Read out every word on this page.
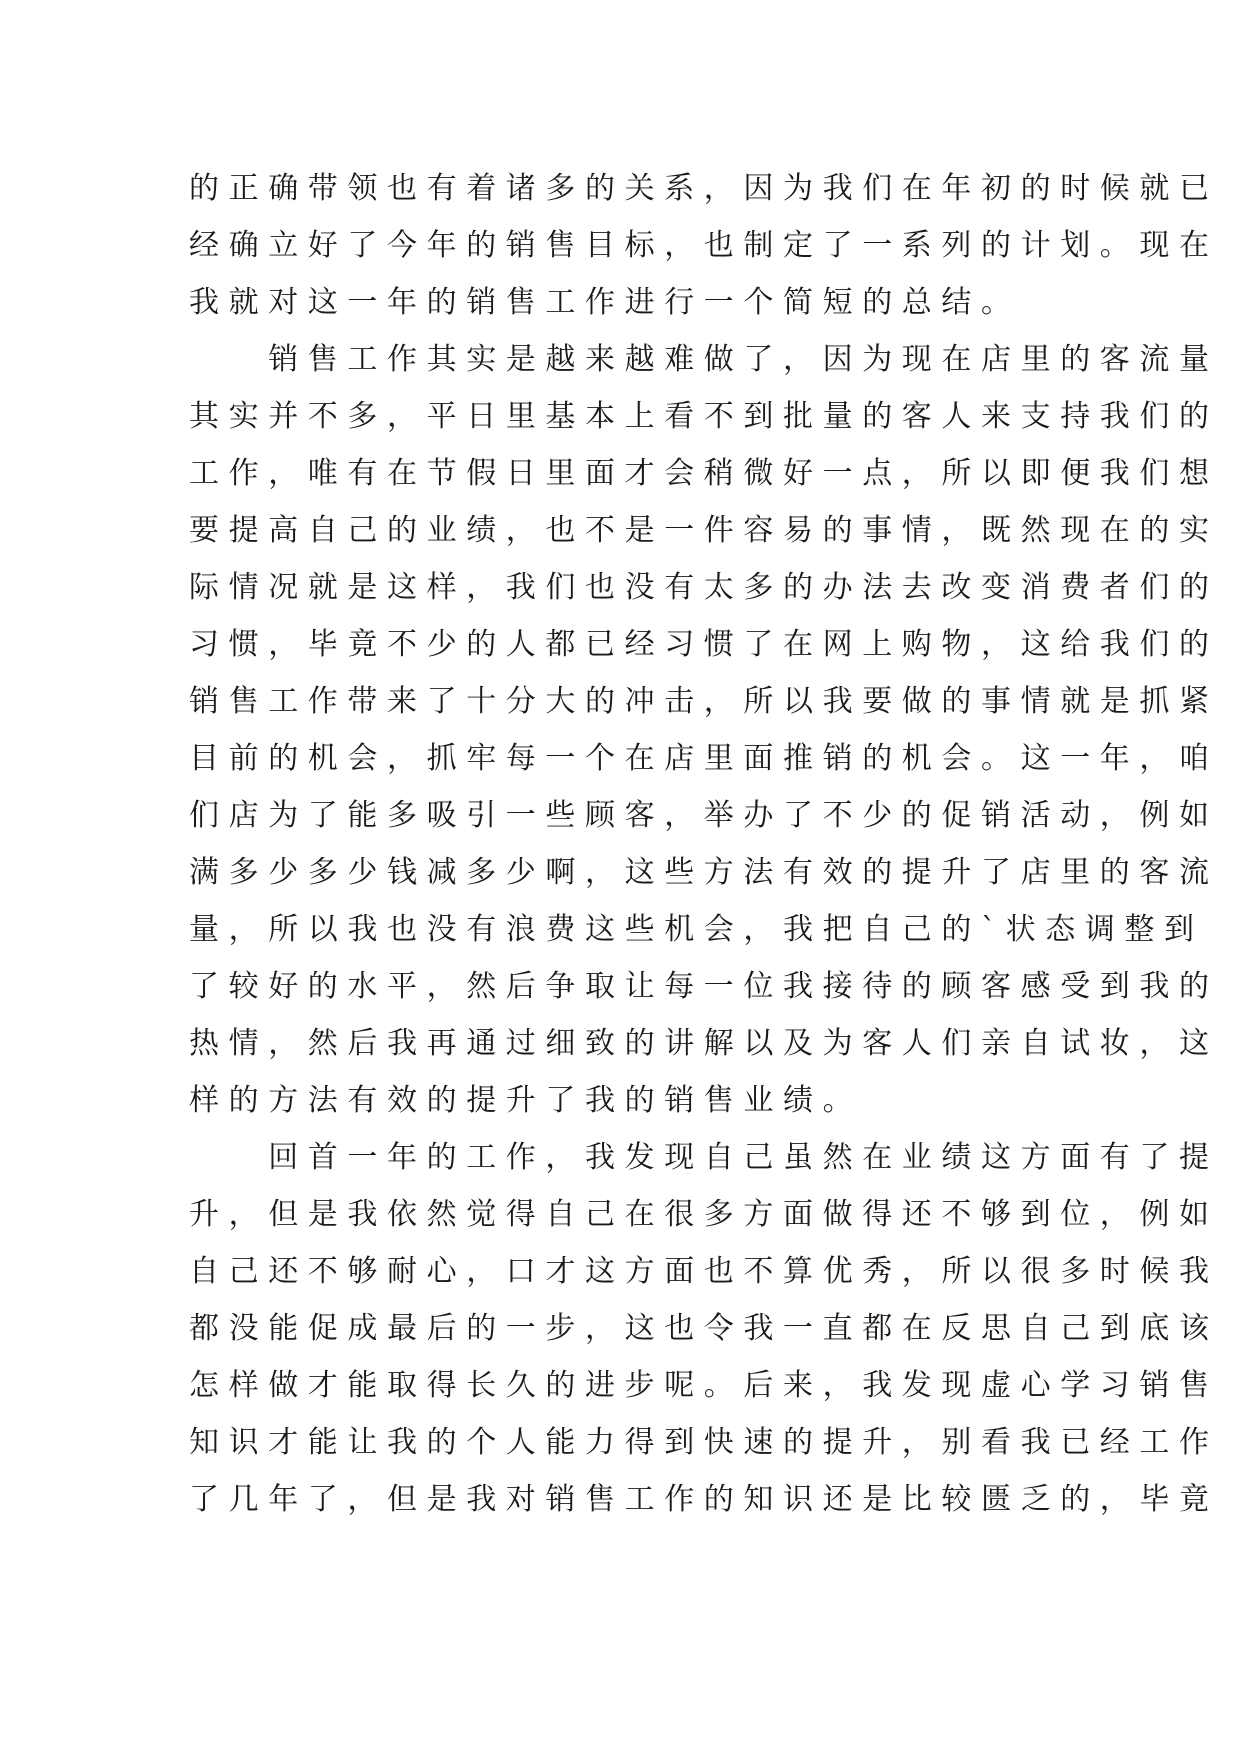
的正确带领也有着诸多的关系，因为我们在年初的时候就已
经确立好了今年的销售目标，也制定了一系列的计划。现在
我就对这一年的销售工作进行一个简短的总结。
　　销售工作其实是越来越难做了，因为现在店里的客流量
其实并不多，平日里基本上看不到批量的客人来支持我们的
工作，唯有在节假日里面才会稍微好一点，所以即便我们想
要提高自己的业绩，也不是一件容易的事情，既然现在的实
际情况就是这样，我们也没有太多的办法去改变消费者们的
习惯，毕竟不少的人都已经习惯了在网上购物，这给我们的
销售工作带来了十分大的冲击，所以我要做的事情就是抓紧
目前的机会，抓牢每一个在店里面推销的机会。这一年，咱
们店为了能多吸引一些顾客，举办了不少的促销活动，例如
满多少多少钱减多少啊，这些方法有效的提升了店里的客流
量，所以我也没有浪费这些机会，我把自己的`状态调整到
了较好的水平，然后争取让每一位我接待的顾客感受到我的
热情，然后我再通过细致的讲解以及为客人们亲自试妆，这
样的方法有效的提升了我的销售业绩。
　　回首一年的工作，我发现自己虽然在业绩这方面有了提
升，但是我依然觉得自己在很多方面做得还不够到位，例如
自己还不够耐心，口才这方面也不算优秀，所以很多时候我
都没能促成最后的一步，这也令我一直都在反思自己到底该
怎样做才能取得长久的进步呢。后来，我发现虚心学习销售
知识才能让我的个人能力得到快速的提升，别看我已经工作
了几年了，但是我对销售工作的知识还是比较匮乏的，毕竟
